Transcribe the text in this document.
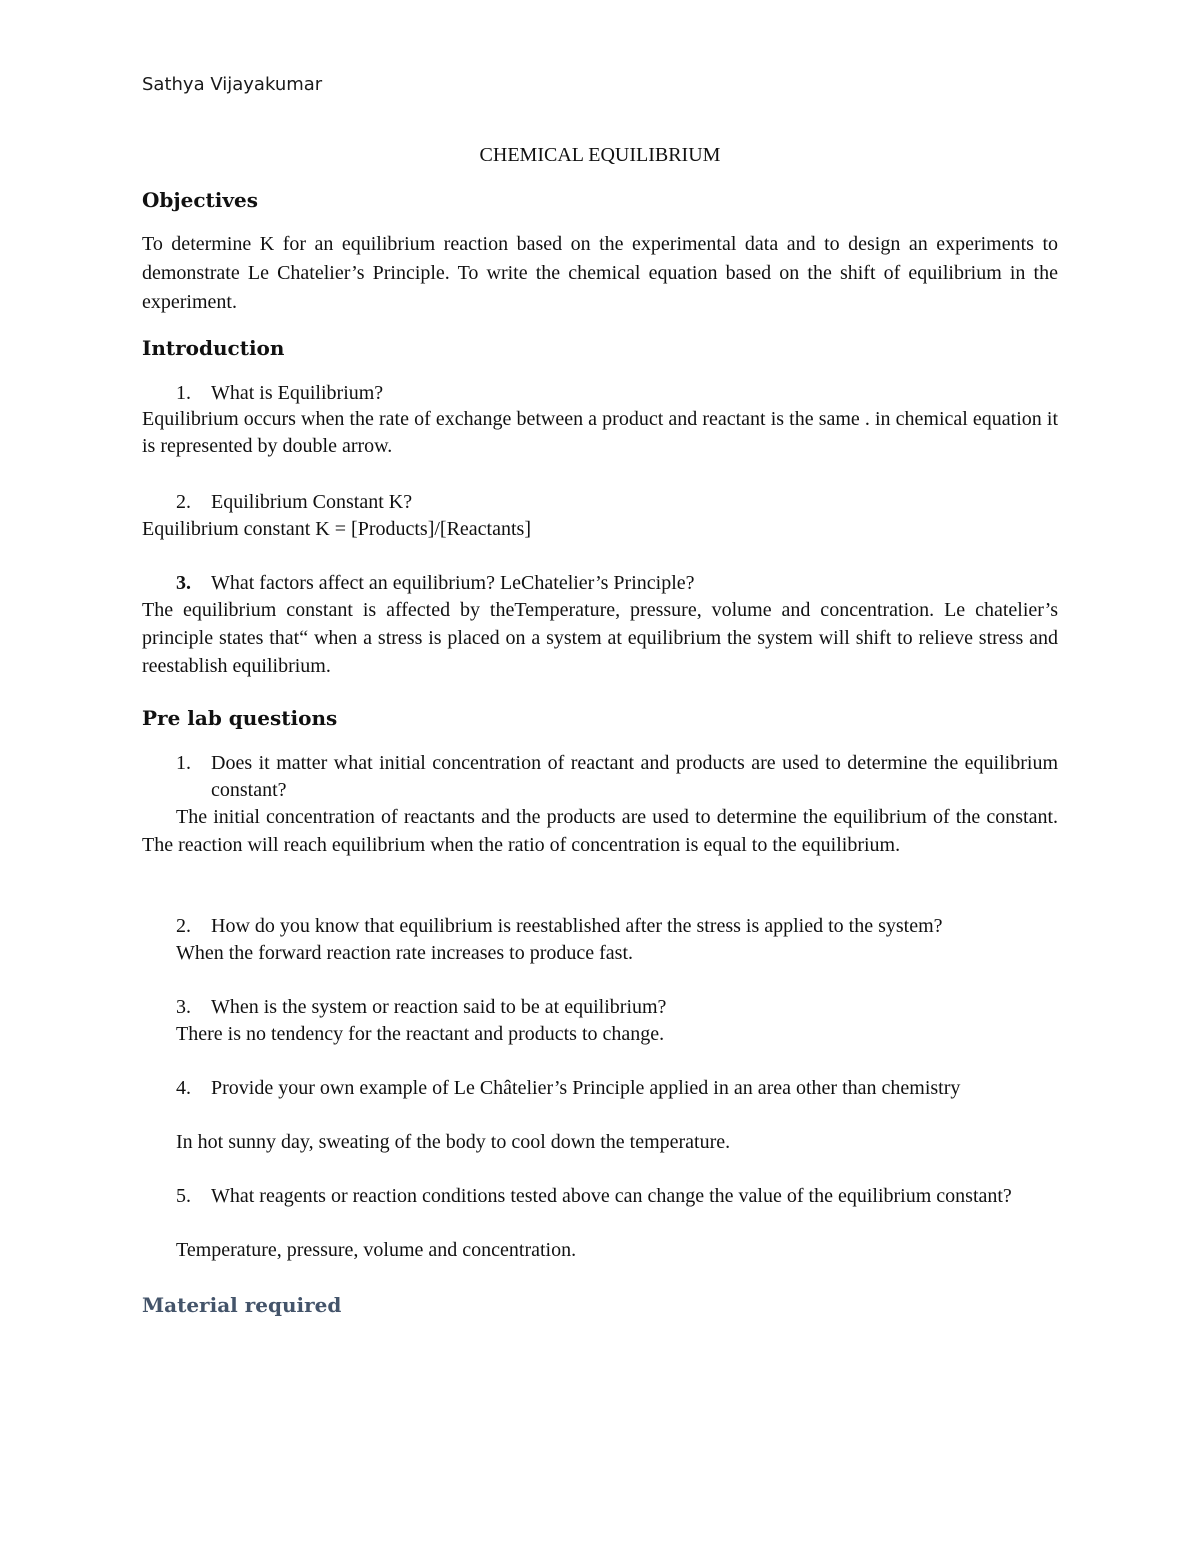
Sathya Vijayakumar
CHEMICAL EQUILIBRIUM
Objectives
To determine K for an equilibrium reaction based on the experimental data and to design an experiments to demonstrate Le Chatelier’s Principle. To write the chemical equation based on the shift of equilibrium in the experiment.
Introduction
1.	What is Equilibrium?
Equilibrium occurs when the rate of exchange between a product and reactant is the same . in chemical equation it is represented by double arrow.
2.	Equilibrium Constant K?
Equilibrium constant K = [Products]/[Reactants]
3.	What factors affect an equilibrium? LeChatelier’s Principle?
The equilibrium constant is affected by theTemperature, pressure, volume and concentration. Le chatelier’s principle states that“ when a stress is placed on a system at equilibrium the system will shift to relieve stress and reestablish equilibrium.
Pre lab questions
1.	Does it matter what initial concentration of reactant and products are used to determine the equilibrium constant?
The initial concentration of reactants and the products are used to determine the equilibrium of the constant. The reaction will reach equilibrium when the ratio of concentration is equal to the equilibrium.
2.	How do you know that equilibrium is reestablished after the stress is applied to the system?
When the forward reaction rate increases to produce fast.
3.	When is the system or reaction said to be at equilibrium?
There is no tendency for the reactant and products to change.
4.	Provide your own example of Le Châtelier’s Principle applied in an area other than chemistry
In hot sunny day, sweating of the body to cool down the temperature.
5.	What reagents or reaction conditions tested above can change the value of the equilibrium constant?
Temperature, pressure, volume and concentration.
Material required
